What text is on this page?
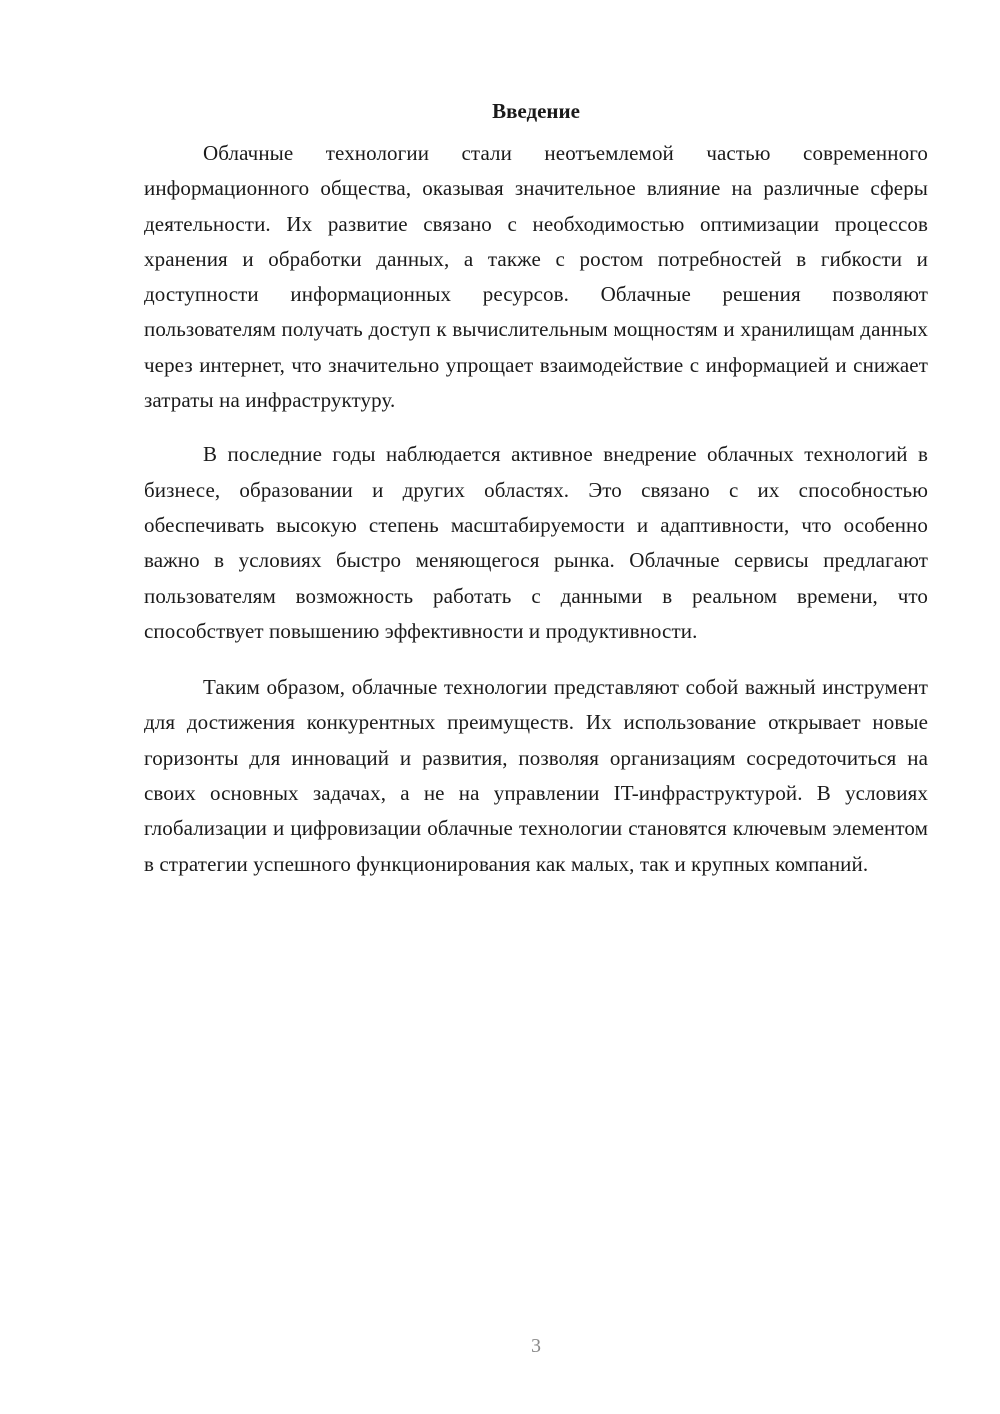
Введение

Облачные технологии стали неотъемлемой частью современного информационного общества, оказывая значительное влияние на различные сферы деятельности. Их развитие связано с необходимостью оптимизации процессов хранения и обработки данных, а также с ростом потребностей в гибкости и доступности информационных ресурсов. Облачные решения позволяют пользователям получать доступ к вычислительным мощностям и хранилищам данных через интернет, что значительно упрощает взаимодействие с информацией и снижает затраты на инфраструктуру.

В последние годы наблюдается активное внедрение облачных технологий в бизнесе, образовании и других областях. Это связано с их способностью обеспечивать высокую степень масштабируемости и адаптивности, что особенно важно в условиях быстро меняющегося рынка. Облачные сервисы предлагают пользователям возможность работать с данными в реальном времени, что способствует повышению эффективности и продуктивности.

Таким образом, облачные технологии представляют собой важный инструмент для достижения конкурентных преимуществ. Их использование открывает новые горизонты для инноваций и развития, позволяя организациям сосредоточиться на своих основных задачах, а не на управлении IT-инфраструктурой. В условиях глобализации и цифровизации облачные технологии становятся ключевым элементом в стратегии успешного функционирования как малых, так и крупных компаний.

3
